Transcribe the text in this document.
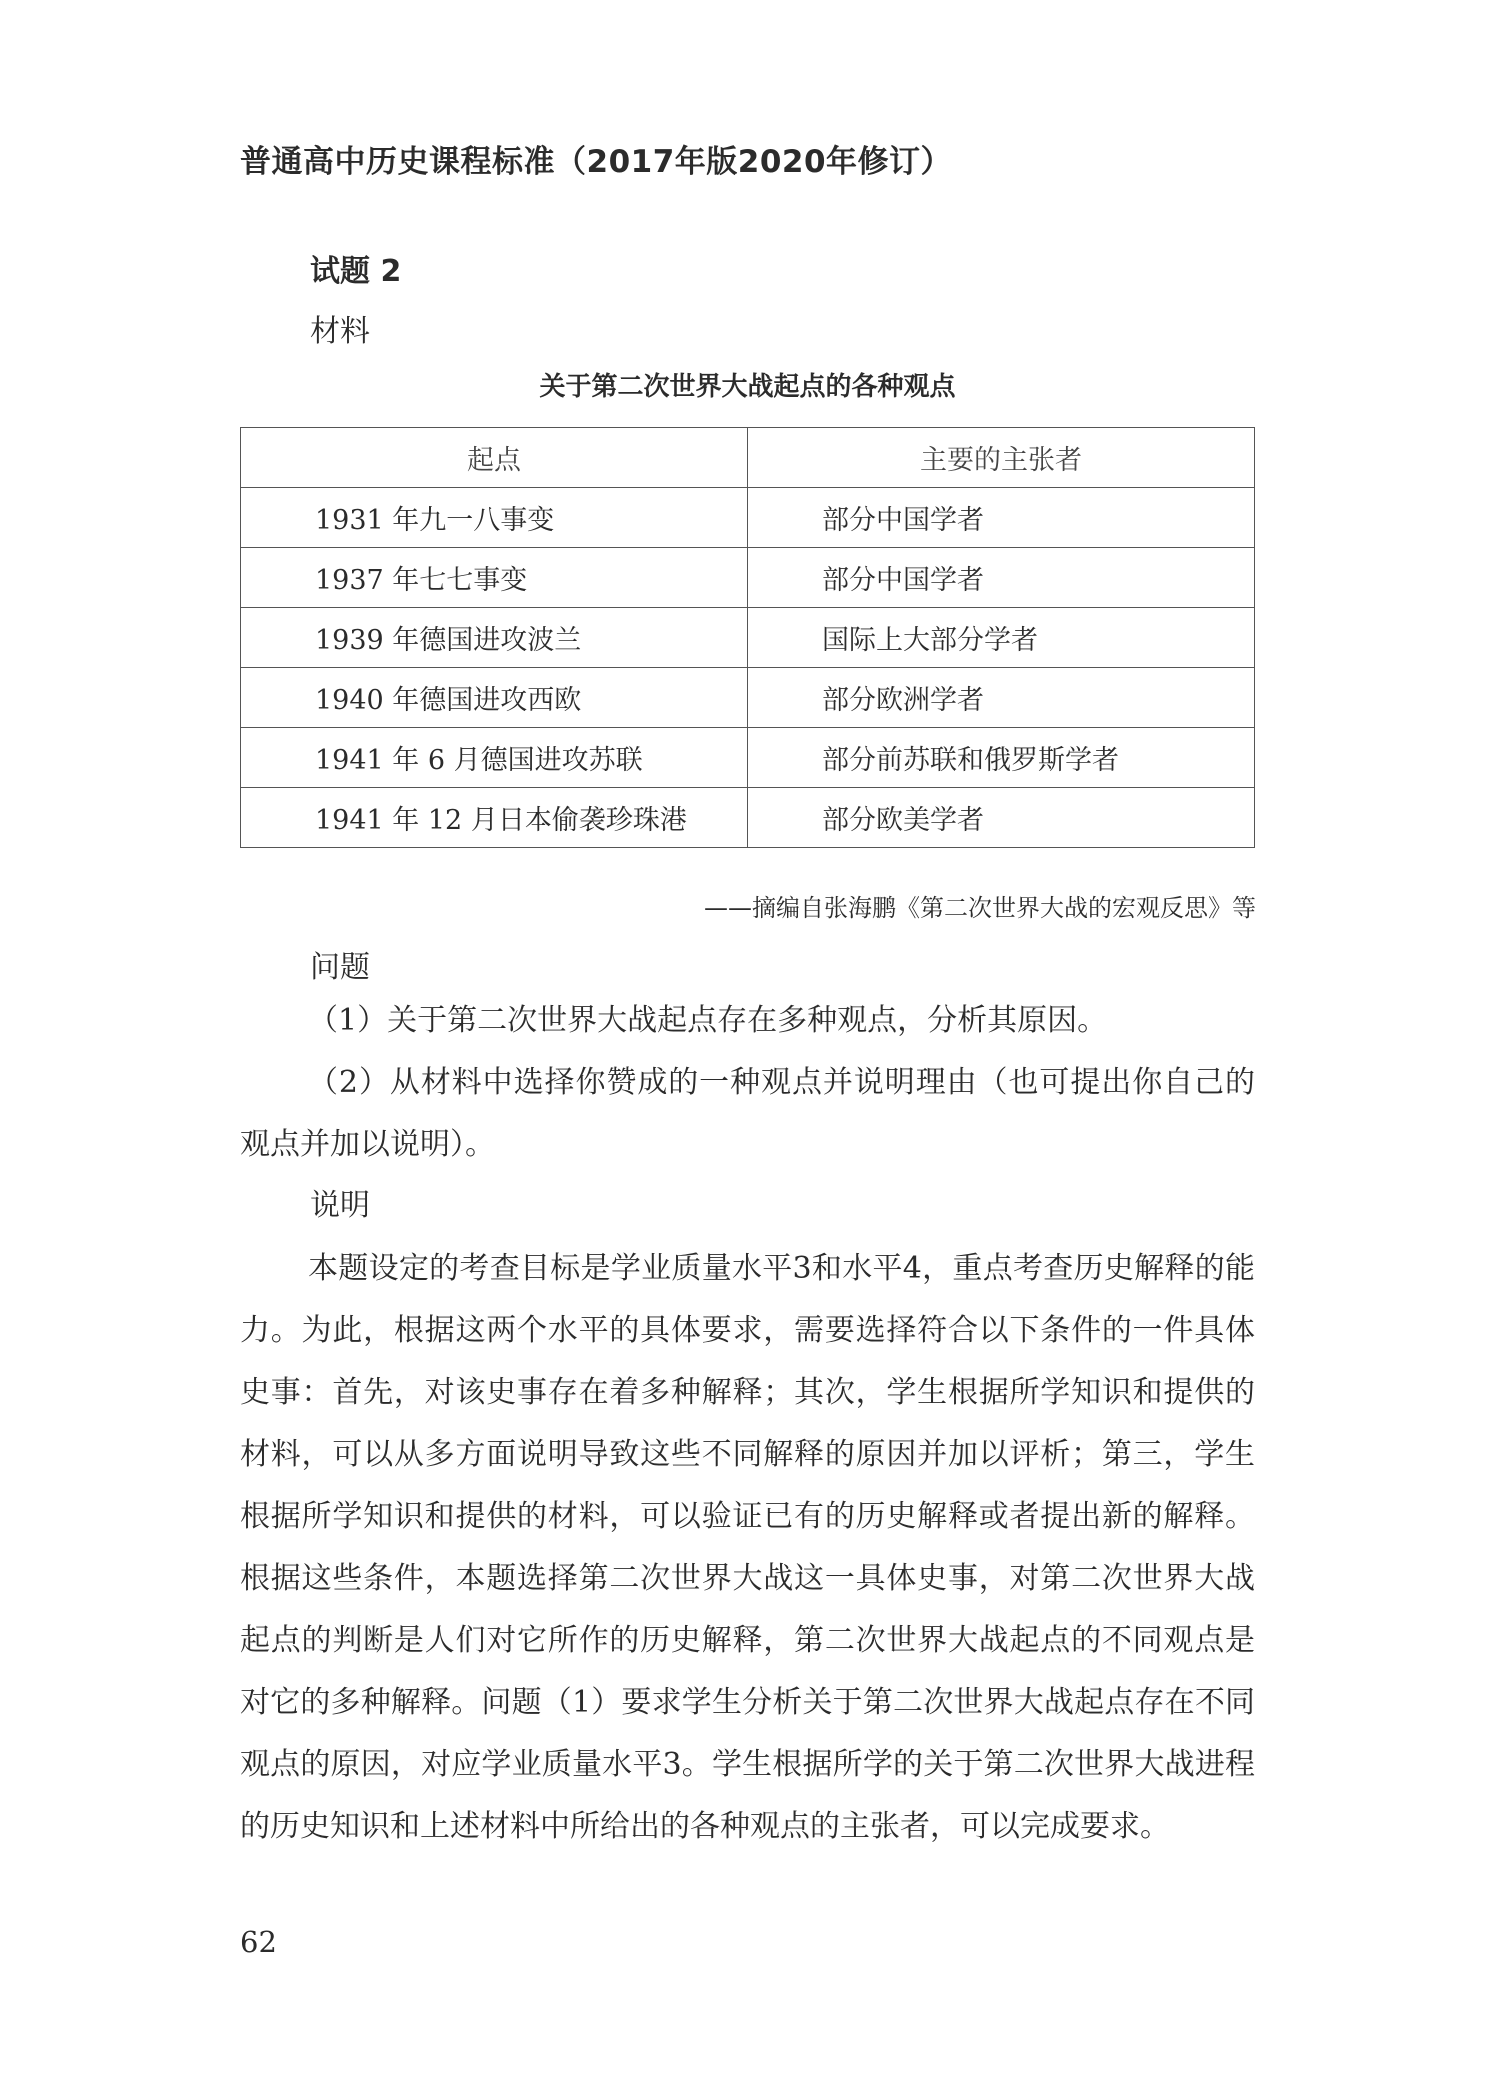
普通高中历史课程标准（2017年版2020年修订）
试题 2
材料
关于第二次世界大战起点的各种观点
起点	主要的主张者
1931 年九一八事变	部分中国学者
1937 年七七事变	部分中国学者
1939 年德国进攻波兰	国际上大部分学者
1940 年德国进攻西欧	部分欧洲学者
1941 年 6 月德国进攻苏联	部分前苏联和俄罗斯学者
1941 年 12 月日本偷袭珍珠港	部分欧美学者
——摘编自张海鹏《第二次世界大战的宏观反思》等
问题

（1）关于第二次世界大战起点存在多种观点，分析其原因。

（2）从材料中选择你赞成的一种观点并说明理由（也可提出你自己的观点并加以说明）。

说明

本题设定的考查目标是学业质量水平3和水平4，重点考查历史解释的能力。为此，根据这两个水平的具体要求，需要选择符合以下条件的一件具体史事：首先，对该史事存在着多种解释；其次，学生根据所学知识和提供的材料，可以从多方面说明导致这些不同解释的原因并加以评析；第三，学生根据所学知识和提供的材料，可以验证已有的历史解释或者提出新的解释。根据这些条件，本题选择第二次世界大战这一具体史事，对第二次世界大战起点的判断是人们对它所作的历史解释，第二次世界大战起点的不同观点是对它的多种解释。问题（1）要求学生分析关于第二次世界大战起点存在不同观点的原因，对应学业质量水平3。学生根据所学的关于第二次世界大战进程的历史知识和上述材料中所给出的各种观点的主张者，可以完成要求。

62
